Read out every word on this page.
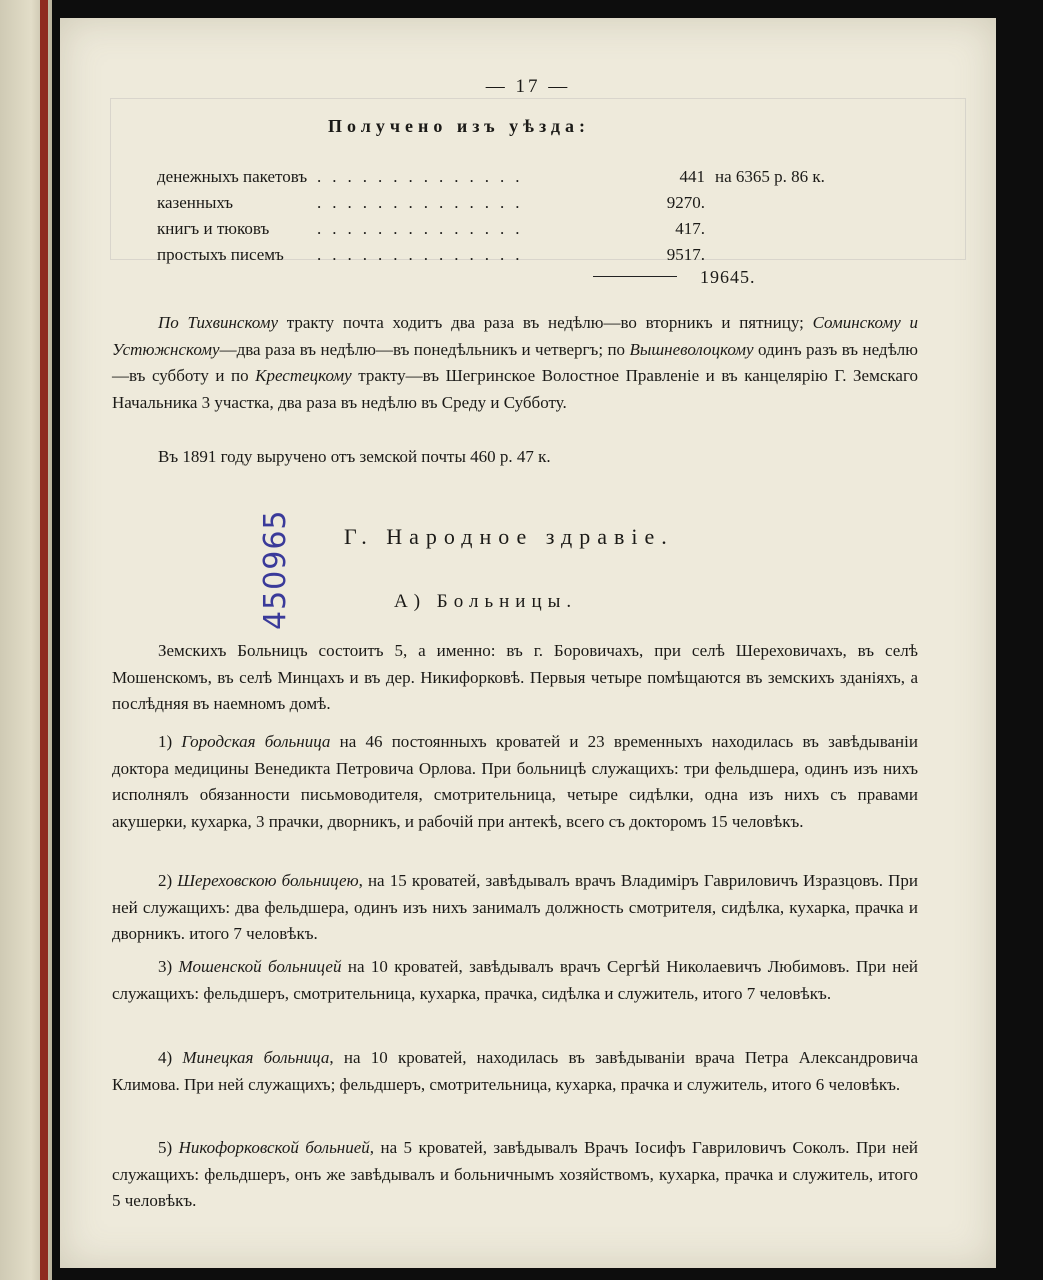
— 17 —
Получено изъ уѣзда:
денежныхъ пакетовъ ..............	441 на 6365 р. 86 к.
казенныхъ	..............	9270.
книгъ и тюковъ	..............	417.
простыхъ писемъ ..............	9517.
19645.
По Тихвинскому тракту почта ходитъ два раза въ недѣлю—во вторникъ и пятницу; Соминскому и Устюжнскому—два раза въ недѣлю—въ понедѣльникъ и четвергъ; по Вышневолоцкому одинъ разъ въ недѣлю—въ субботу и по Крестецкому тракту—въ Шегринское Волостное Правленіе и въ канцелярію Г. Земскаго Начальника 3 участка, два раза въ недѣлю въ Среду и Субботу.
Въ 1891 году выручено отъ земской почты 460 р. 47 к.
450965	Г. Народное здравіе.
А) Больницы.
Земскихъ Больницъ состоитъ 5, а именно: въ г. Боровичахъ, при селѣ Шереховичахъ, въ селѣ Мошенскомъ, въ селѣ Минцахъ и въ дер. Никифорковѣ. Первыя четыре помѣщаются въ земскихъ зданіяхъ, а послѣдняя въ наемномъ домѣ.
1) Городская больница на 46 постоянныхъ кроватей и 23 временныхъ находилась въ завѣдываніи доктора медицины Венедикта Петровича Орлова. При больницѣ служащихъ: три фельдшера, одинъ изъ нихъ исполнялъ обязанности письмоводителя, смотрительница, четыре сидѣлки, одна изъ нихъ съ правами акушерки, кухарка, 3 прачки, дворникъ, и рабочій при антекѣ, всего съ докторомъ 15 человѣкъ.
2) Шереховскою больницею, на 15 кроватей, завѣдывалъ врачъ Владиміръ Гавриловичъ Изразцовъ. При ней служащихъ: два фельдшера, одинъ изъ нихъ занималъ должность смотрителя, сидѣлка, кухарка, прачка и дворникъ. итого 7 человѣкъ.
3) Мошенской больницей на 10 кроватей, завѣдывалъ врачъ Сергѣй Николаевичъ Любимовъ. При ней служащихъ: фельдшеръ, смотрительница, кухарка, прачка, сидѣлка и служитель, итого 7 человѣкъ.
4) Минецкая больница, на 10 кроватей, находилась въ завѣдываніи врача Петра Александровича Климова. При ней служащихъ; фельдшеръ, смотрительница, кухарка, прачка и служитель, итого 6 человѣкъ.
5) Никофорковской больнией, на 5 кроватей, завѣдывалъ Врачъ Іосифъ Гавриловичъ Соколъ. При ней служащихъ: фельдшеръ, онъ же завѣдывалъ и больничнымъ хозяйствомъ, кухарка, прачка и служитель, итого 5 человѣкъ.
